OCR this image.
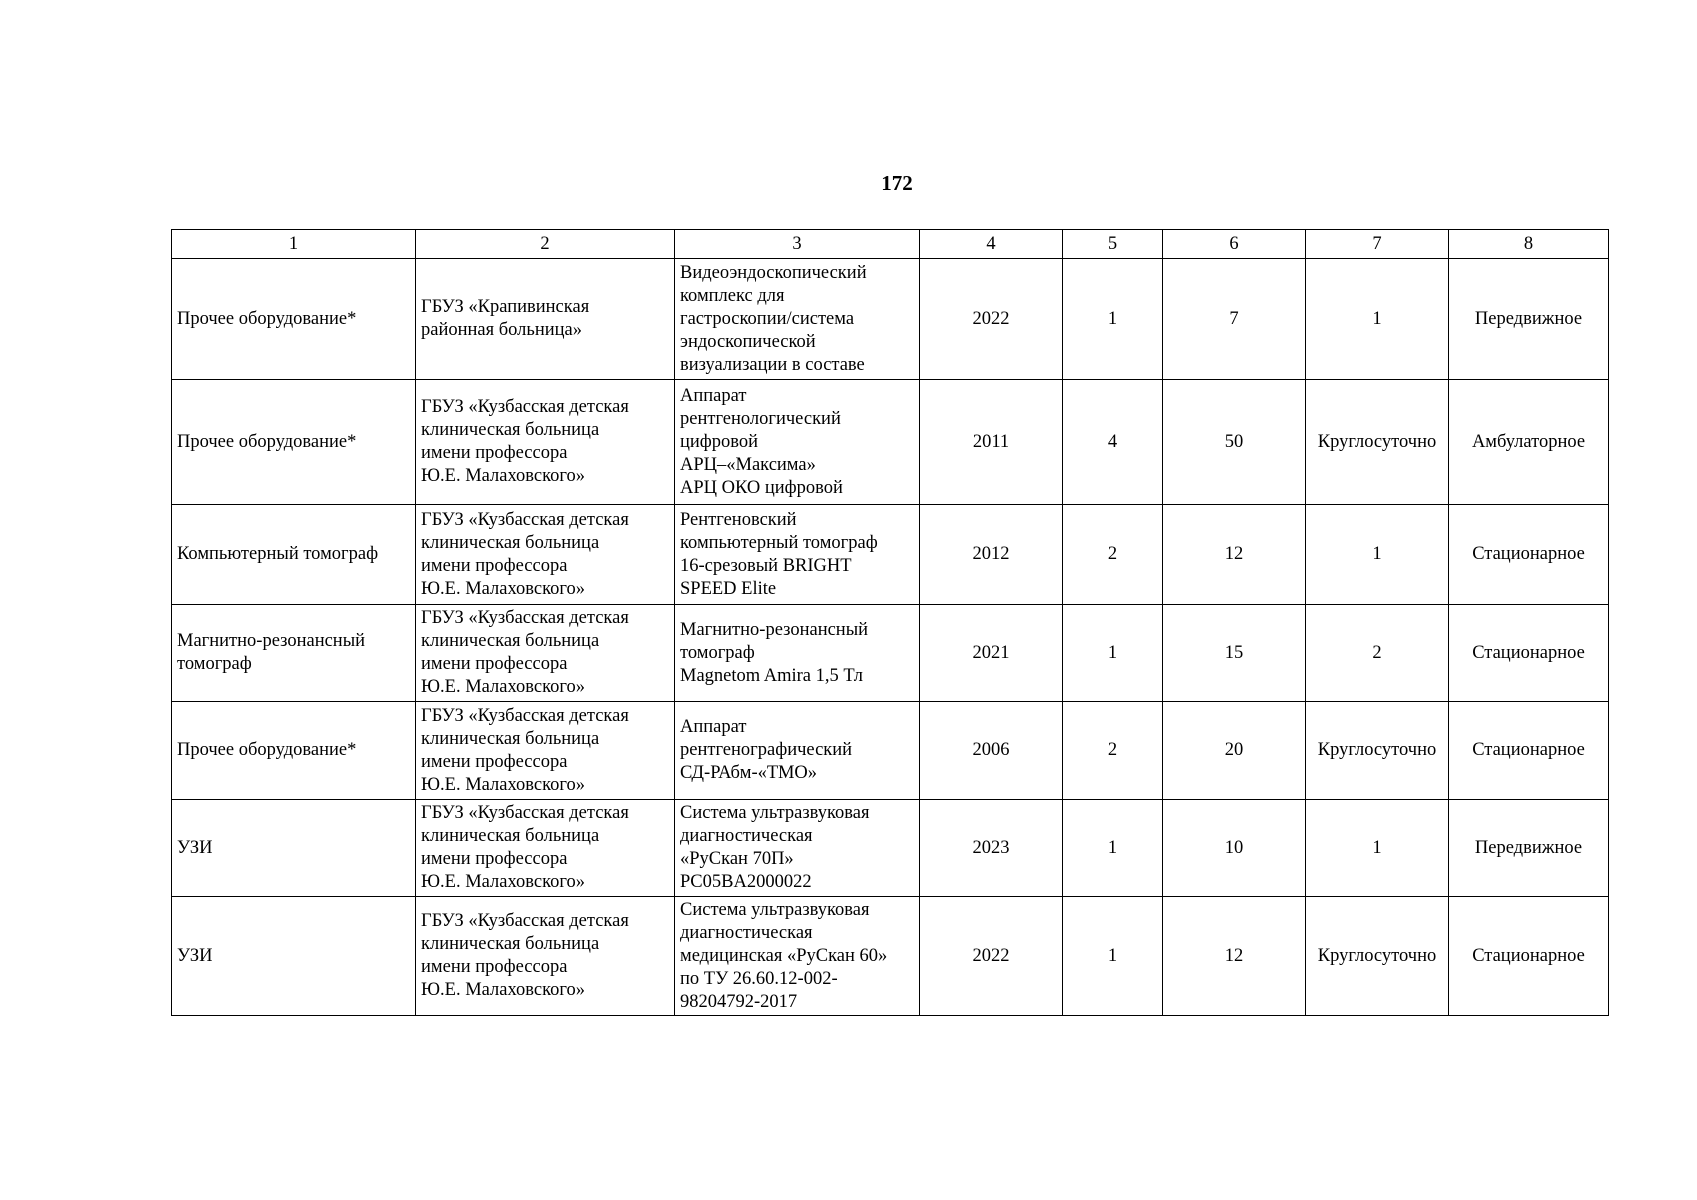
172
1	2	3	4	5	6	7	8
Прочее оборудование*	ГБУЗ «Крапивинская
районная больница»	Видеоэндоскопический
комплекс для
гастроскопии/система
эндоскопической
визуализации в составе	2022	1	7	1	Передвижное
Прочее оборудование*	ГБУЗ «Кузбасская детская
клиническая больница
имени профессора
Ю.Е. Малаховского»	Аппарат
рентгенологический
цифровой
АРЦ–«Максима»
АРЦ ОКО цифровой	2011	4	50	Круглосуточно	Амбулаторное
Компьютерный томограф	ГБУЗ «Кузбасская детская
клиническая больница
имени профессора
Ю.Е. Малаховского»	Рентгеновский
компьютерный томограф
16-срезовый BRIGHT
SPEED Elite	2012	2	12	1	Стационарное
Магнитно-резонансный
томограф	ГБУЗ «Кузбасская детская
клиническая больница
имени профессора
Ю.Е. Малаховского»	Магнитно-резонансный
томограф
Magnetom Amira 1,5 Тл	2021	1	15	2	Стационарное
Прочее оборудование*	ГБУЗ «Кузбасская детская
клиническая больница
имени профессора
Ю.Е. Малаховского»	Аппарат
рентгенографический
СД-РАбм-«ТМО»	2006	2	20	Круглосуточно	Стационарное
УЗИ	ГБУЗ «Кузбасская детская
клиническая больница
имени профессора
Ю.Е. Малаховского»	Система ультразвуковая
диагностическая
«РуСкан 70П»
PC05BA2000022	2023	1	10	1	Передвижное
УЗИ	ГБУЗ «Кузбасская детская
клиническая больница
имени профессора
Ю.Е. Малаховского»	Система ультразвуковая
диагностическая
медицинская «РуСкан 60»
по ТУ 26.60.12-002-
98204792-2017	2022	1	12	Круглосуточно	Стационарное
